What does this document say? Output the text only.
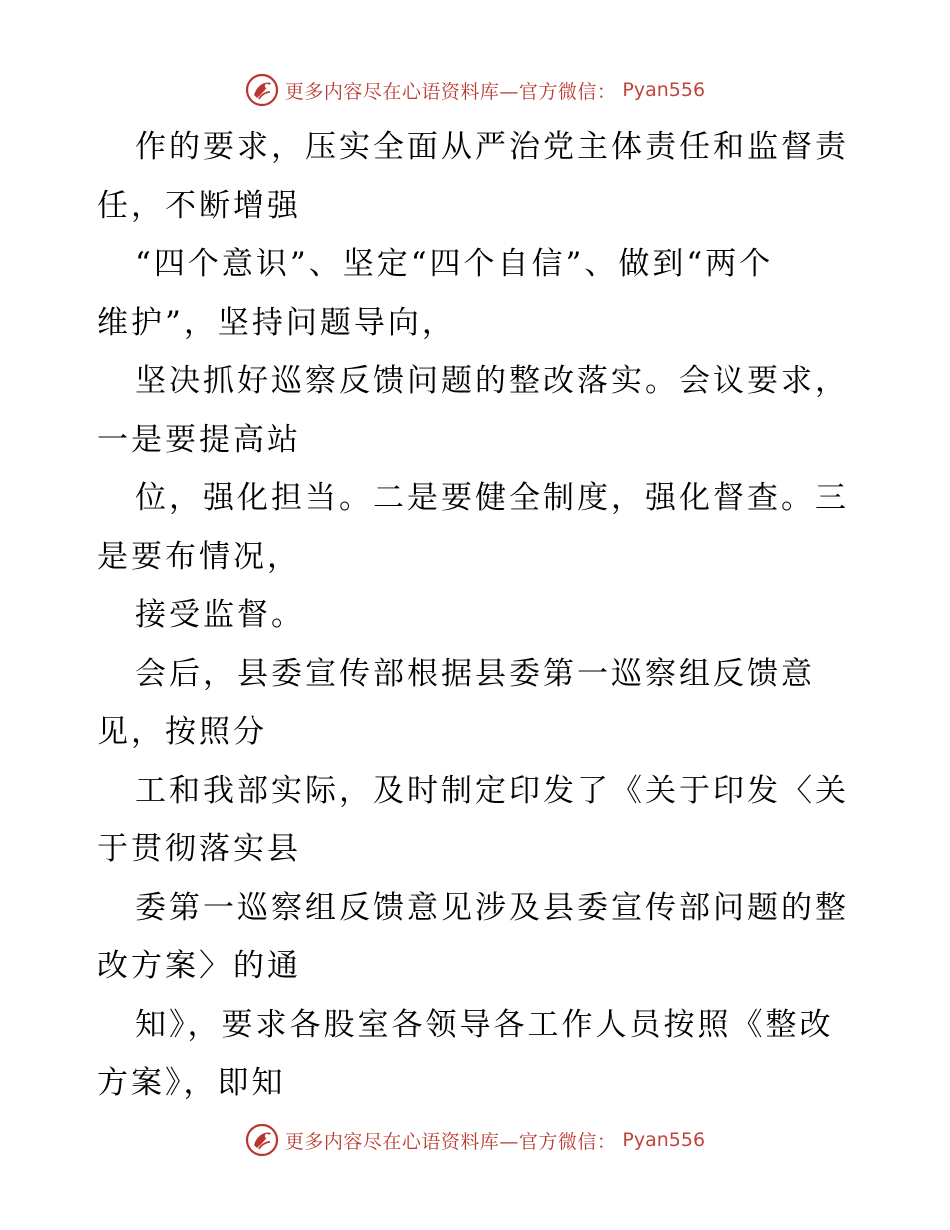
更多内容尽在心语资料库—官方微信： Pyan556
作的要求，压实全面从严治党主体责任和监督责
任，不断增强
“四个意识”、坚定“四个自信”、做到“两个
维护”，坚持问题导向，
坚决抓好巡察反馈问题的整改落实。会议要求，
一是要提高站
位，强化担当。二是要健全制度，强化督查。三
是要布情况，
接受监督。
会后，县委宣传部根据县委第一巡察组反馈意
见，按照分
工和我部实际，及时制定印发了《关于印发〈关
于贯彻落实县
委第一巡察组反馈意见涉及县委宣传部问题的整
改方案〉的通
知》，要求各股室各领导各工作人员按照《整改
方案》，即知
更多内容尽在心语资料库—官方微信： Pyan556
